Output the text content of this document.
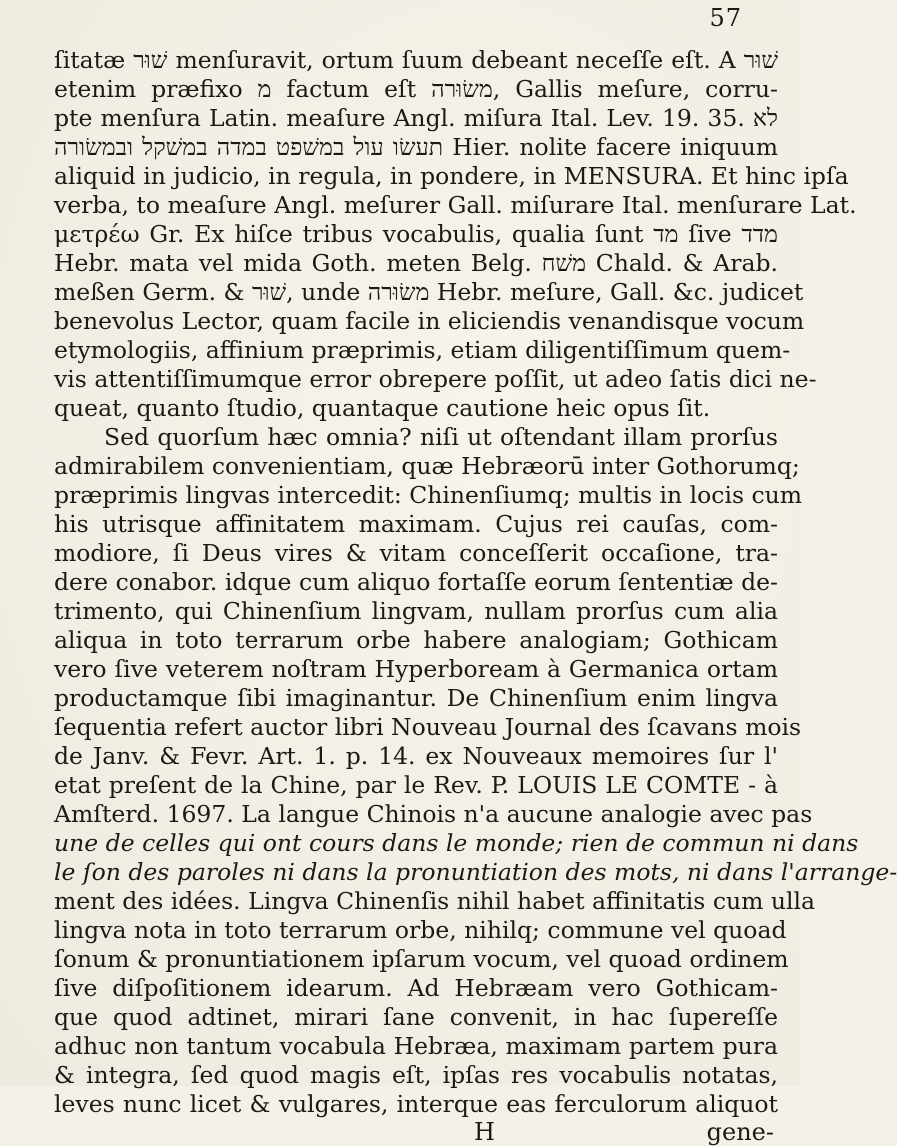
57
ſitatæ שׁוּר menſuravit, ortum ſuum debeant neceſſe eſt. A שׁוּר
etenim præfixo מ factum eſt משׂוּרה, Gallis meſure, corru-
pte menſura Latin. meaſure Angl. miſura Ital. Lev. 19. 35. לא
תעשׂו עול במשׁפט במדה במשׁקל ובמשׂורה Hier. nolite facere iniquum
aliquid in judicio, in regula, in pondere, in MENSURA. Et hinc ipſa
verba, to meaſure Angl. meſurer Gall. miſurare Ital. menſurare Lat.
μετρέω Gr. Ex hiſce tribus vocabulis, qualia ſunt מד ſive מדד
Hebr. mata vel mida Goth. meten Belg. משׁח Chald. & Arab.
meßen Germ. & שׁוּר, unde משׂוּרה Hebr. meſure, Gall. &c. judicet
benevolus Lector, quam facile in eliciendis venandisque vocum
etymologiis, affinium præprimis, etiam diligentiſſimum quem-
vis attentiſſimumque error obrepere poſſit, ut adeo ſatis dici ne-
queat, quanto ſtudio, quantaque cautione heic opus ſit.
Sed quorſum hæc omnia? niſi ut oſtendant illam prorſus
admirabilem convenientiam, quæ Hebræorū inter Gothorumq;
præprimis lingvas intercedit: Chinenſiumq; multis in locis cum
his utrisque affinitatem maximam. Cujus rei cauſas, com-
modiore, ſi Deus vires & vitam conceſſerit occaſione, tra-
dere conabor. idque cum aliquo fortaſſe eorum ſententiæ de-
trimento, qui Chinenſium lingvam, nullam prorſus cum alia
aliqua in toto terrarum orbe habere analogiam; Gothicam
vero ſive veterem noſtram Hyperboream à Germanica ortam
productamque ſibi imaginantur. De Chinenſium enim lingva
ſequentia refert auctor libri Nouveau Journal des ſcavans mois
de Janv. & Fevr. Art. 1. p. 14. ex Nouveaux memoires ſur l'
etat preſent de la Chine, par le Rev. P. LOUIS LE COMTE - à
Amſterd. 1697. La langue Chinois n'a aucune analogie avec pas
une de celles qui ont cours dans le monde; rien de commun ni dans
le ſon des paroles ni dans la pronuntiation des mots, ni dans l'arrange-
ment des idées. Lingva Chinenſis nihil habet affinitatis cum ulla
lingva nota in toto terrarum orbe, nihilq; commune vel quoad
ſonum & pronuntiationem ipſarum vocum, vel quoad ordinem
ſive diſpoſitionem idearum. Ad Hebræam vero Gothicam-
que quod adtinet, mirari ſane convenit, in hac ſupereſſe
adhuc non tantum vocabula Hebræa, maximam partem pura
& integra, ſed quod magis eſt, ipſas res vocabulis notatas,
leves nunc licet & vulgares, interque eas ferculorum aliquot
H	gene-
